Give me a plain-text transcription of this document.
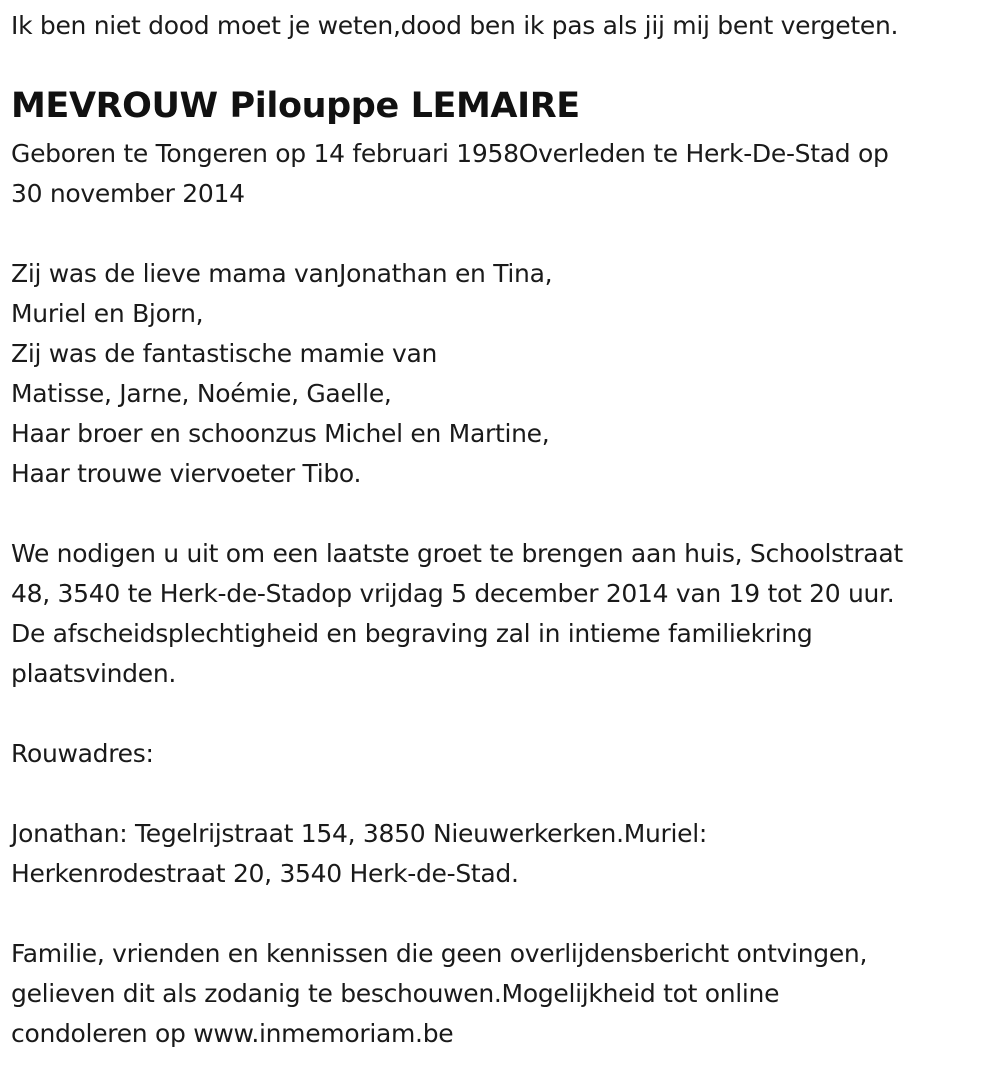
Ik ben niet dood moet je weten,dood ben ik pas als jij mij bent vergeten.
MEVROUW Pilouppe LEMAIRE
Geboren te Tongeren op 14 februari 1958Overleden te Herk-De-Stad op
30 november 2014
Zij was de lieve mama vanJonathan en Tina,
Muriel en Bjorn,
Zij was de fantastische mamie van
Matisse, Jarne, Noémie, Gaelle,
Haar broer en schoonzus Michel en Martine,
Haar trouwe viervoeter Tibo.
We nodigen u uit om een laatste groet te brengen aan huis, Schoolstraat
48, 3540 te Herk-de-Stadop vrijdag 5 december 2014 van 19 tot 20 uur.
De afscheidsplechtigheid en begraving zal in intieme familiekring
plaatsvinden.
Rouwadres:
Jonathan: Tegelrijstraat 154, 3850 Nieuwerkerken.Muriel:
Herkenrodestraat 20, 3540 Herk-de-Stad.
Familie, vrienden en kennissen die geen overlijdensbericht ontvingen,
gelieven dit als zodanig te beschouwen.Mogelijkheid tot online
condoleren op www.inmemoriam.be
